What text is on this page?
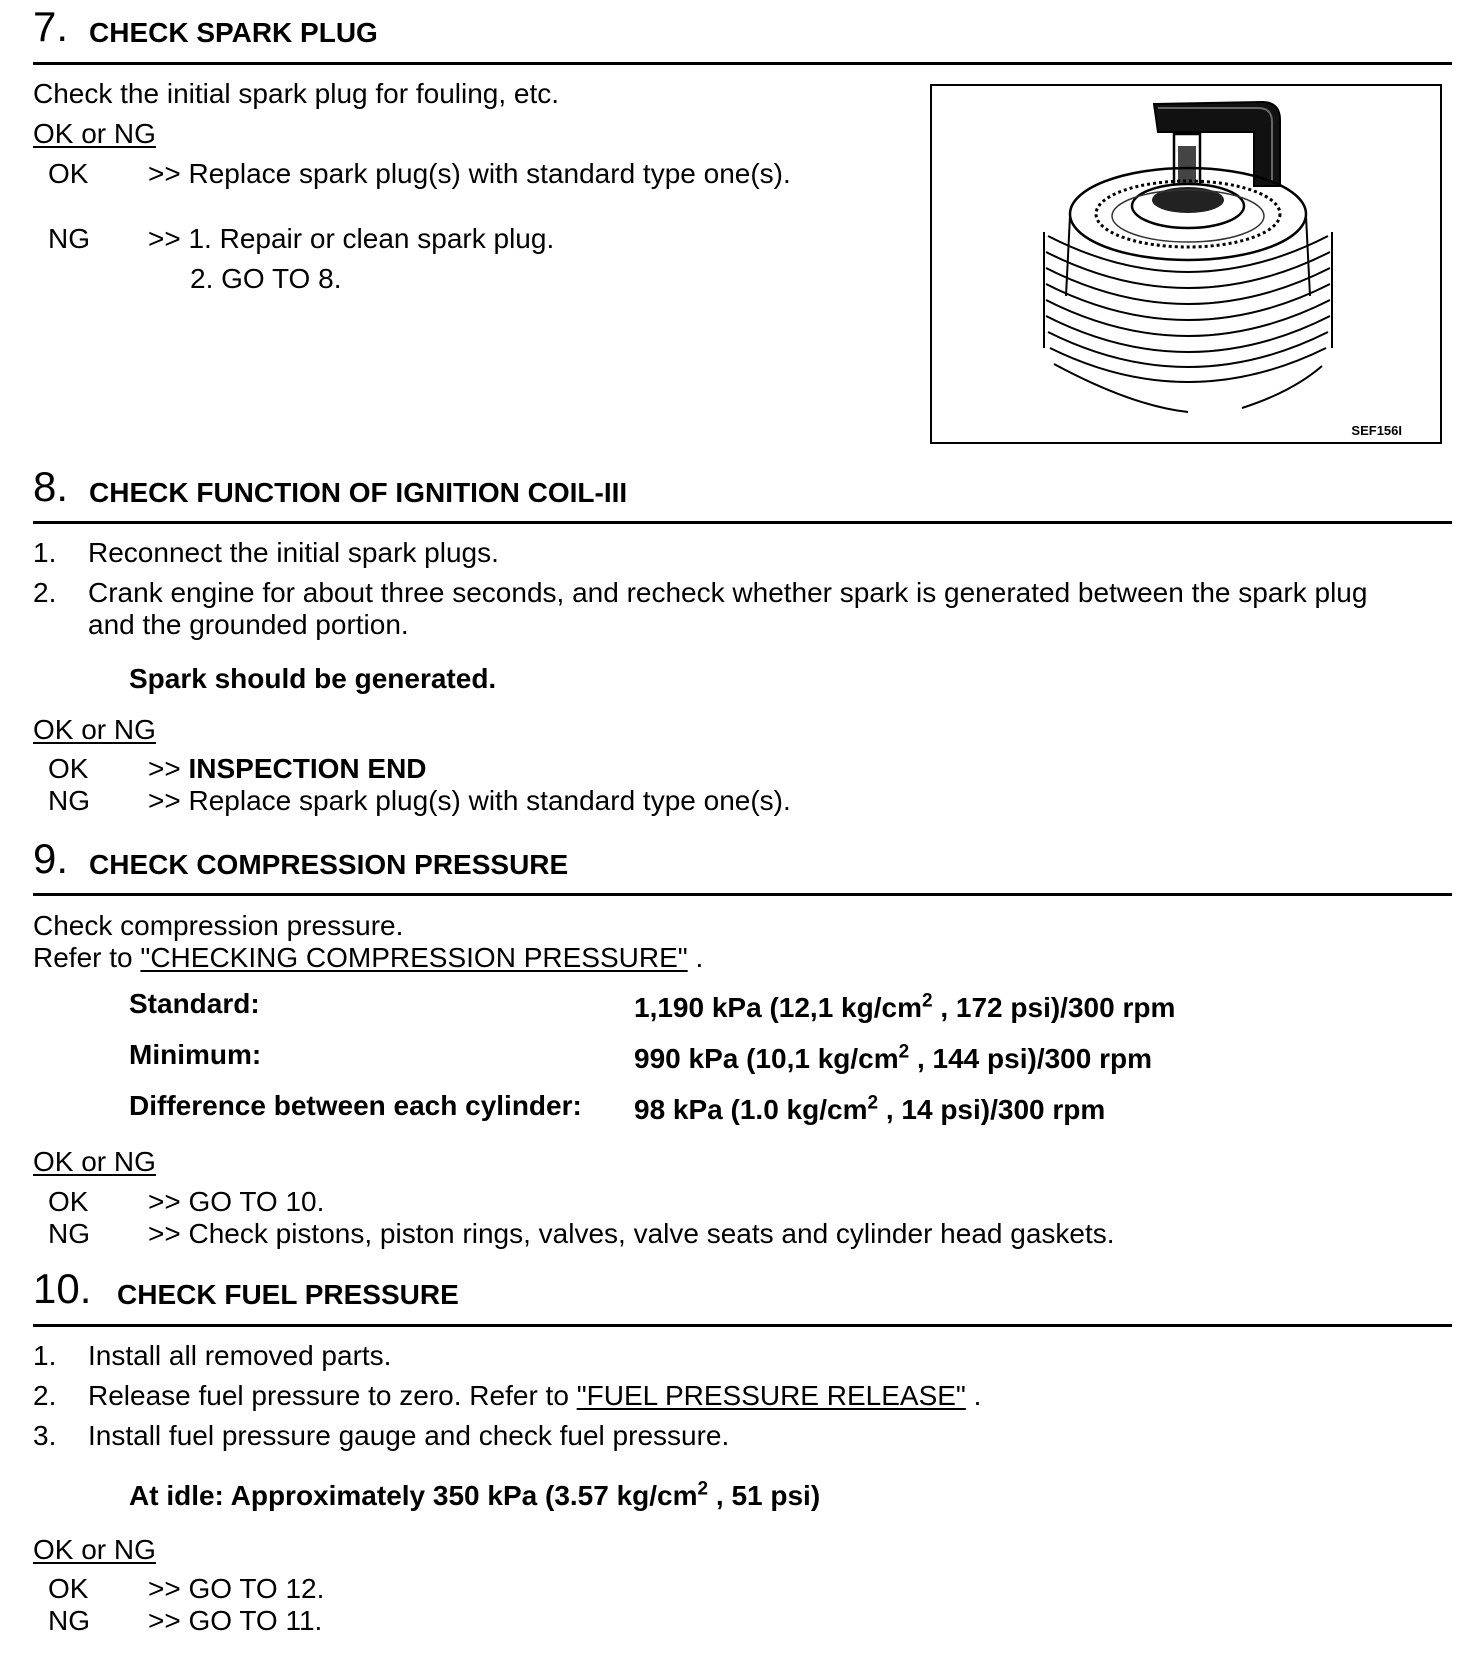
7. CHECK SPARK PLUG
Check the initial spark plug for fouling, etc.
OK or NG
OK >> Replace spark plug(s) with standard type one(s).
NG >> 1. Repair or clean spark plug.
2. GO TO 8.
SEF156I
8. CHECK FUNCTION OF IGNITION COIL-III
1. Reconnect the initial spark plugs.
2. Crank engine for about three seconds, and recheck whether spark is generated between the spark plug
and the grounded portion.
Spark should be generated.
OK or NG
OK >> INSPECTION END
NG >> Replace spark plug(s) with standard type one(s).
9. CHECK COMPRESSION PRESSURE
Check compression pressure.
Refer to "CHECKING COMPRESSION PRESSURE" .
Standard:	1,190 kPa (12,1 $kg/cm^2$ , 172 psi)/300 rpm
Minimum:	990 kPa (10,1 $kg/cm^2$ , 144 psi)/300 rpm
Difference between each cylinder: 98 kPa (1.0 $kg/cm^2$ , 14 psi)/300 rpm
OK or NG
OK >> GO TO 10.
NG >> Check pistons, piston rings, valves, valve seats and cylinder head gaskets.
10. CHECK FUEL PRESSURE
1. Install all removed parts.
2. Release fuel pressure to zero. Refer to "FUEL PRESSURE RELEASE" .
3. Install fuel pressure gauge and check fuel pressure.
At idle: Approximately 350 kPa (3.57 $kg/cm^2$ , 51 psi)
OK or NG
OK >> GO TO 12.
NG >> GO TO 11.
